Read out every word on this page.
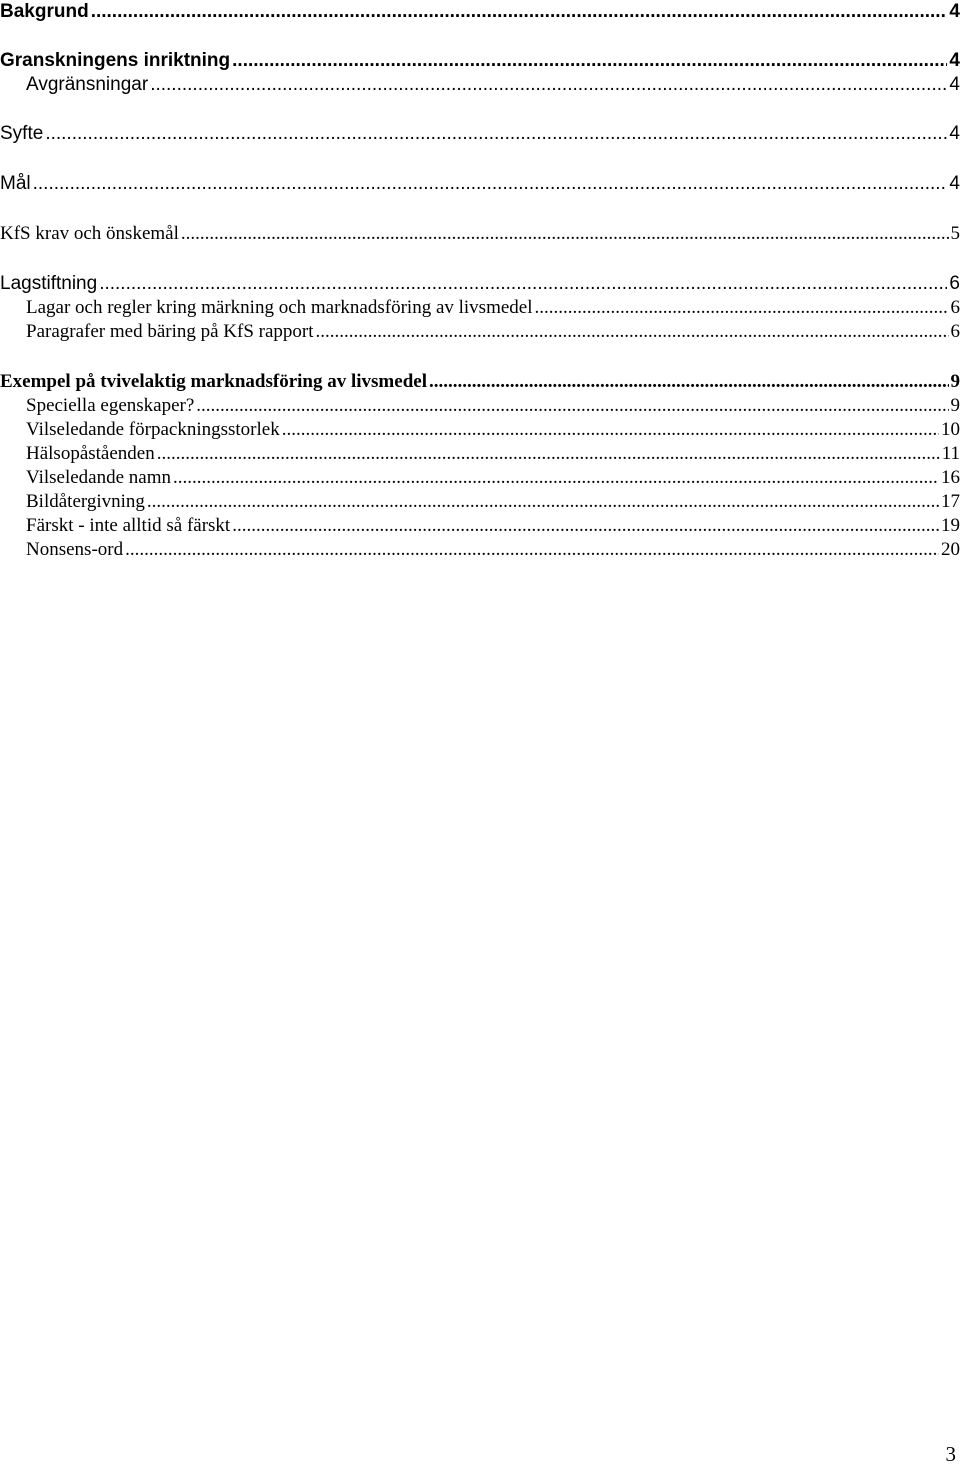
Bakgrund .....	4
Granskningens inriktning .....	4
Avgränsningar .....	4
Syfte .....	4
Mål .....	4
KfS krav och önskemål .....	5
Lagstiftning .....	6
Lagar och regler kring märkning och marknadsföring av livsmedel .....	6
Paragrafer med bäring på KfS rapport .....	6
Exempel på tvivelaktig marknadsföring av livsmedel .....	9
Speciella egenskaper? .....	9
Vilseledande förpackningsstorlek .....	10
Hälsopåståenden .....	11
Vilseledande namn .....	16
Bildåtergivning .....	17
Färskt - inte alltid så färskt .....	19
Nonsens-ord .....	20
3
